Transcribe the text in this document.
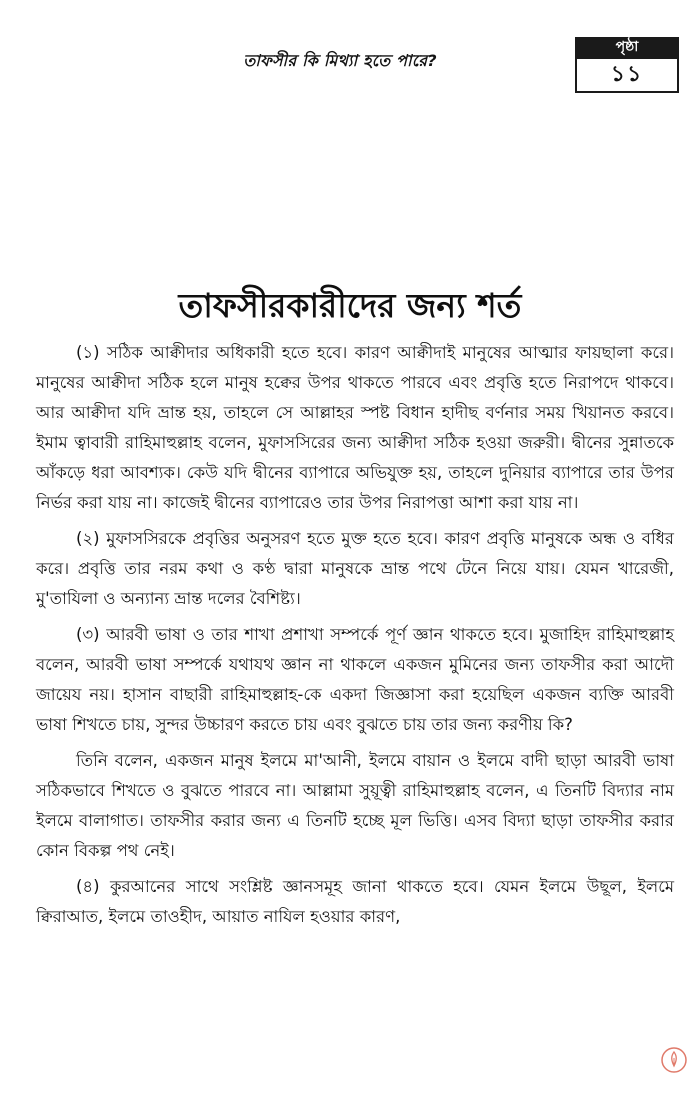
তাফসীর কি মিথ্যা হতে পারে?
পৃষ্ঠা
১১
তাফসীরকারীদের জন্য শর্ত

(১) সঠিক আক্বীদার অধিকারী হতে হবে। কারণ আক্বীদাই মানুষের আত্মার ফায়ছালা করে। মানুষের আক্বীদা সঠিক হলে মানুষ হক্বের উপর থাকতে পারবে এবং প্রবৃত্তি হতে নিরাপদে থাকবে। আর আক্বীদা যদি ভ্রান্ত হয়, তাহলে সে আল্লাহর স্পষ্ট বিধান হাদীছ বর্ণনার সময় খিয়ানত করবে। ইমাম ত্বাবারী রাহিমাহুল্লাহ বলেন, মুফাসসিরের জন্য আক্বীদা সঠিক হওয়া জরুরী। দ্বীনের সুন্নাতকে আঁকড়ে ধরা আবশ্যক। কেউ যদি দ্বীনের ব্যাপারে অভিযুক্ত হয়, তাহলে দুনিয়ার ব্যাপারে তার উপর নির্ভর করা যায় না। কাজেই দ্বীনের ব্যাপারেও তার উপর নিরাপত্তা আশা করা যায় না।

(২) মুফাসসিরকে প্রবৃত্তির অনুসরণ হতে মুক্ত হতে হবে। কারণ প্রবৃত্তি মানুষকে অন্ধ ও বধির করে। প্রবৃত্তি তার নরম কথা ও কণ্ঠ দ্বারা মানুষকে ভ্রান্ত পথে টেনে নিয়ে যায়। যেমন খারেজী, মু'তাযিলা ও অন্যান্য ভ্রান্ত দলের বৈশিষ্ট্য।

(৩) আরবী ভাষা ও তার শাখা প্রশাখা সম্পর্কে পূর্ণ জ্ঞান থাকতে হবে। মুজাহিদ রাহিমাহুল্লাহ বলেন, আরবী ভাষা সম্পর্কে যথাযথ জ্ঞান না থাকলে একজন মুমিনের জন্য তাফসীর করা আদৌ জায়েয নয়। হাসান বাছারী রাহিমাহুল্লাহ-কে একদা জিজ্ঞাসা করা হয়েছিল একজন ব্যক্তি আরবী ভাষা শিখতে চায়, সুন্দর উচ্চারণ করতে চায় এবং বুঝতে চায় তার জন্য করণীয় কি?

তিনি বলেন, একজন মানুষ ইলমে মা'আনী, ইলমে বায়ান ও ইলমে বাদী ছাড়া আরবী ভাষা সঠিকভাবে শিখতে ও বুঝতে পারবে না। আল্লামা সুয়ূত্বী রাহিমাহুল্লাহ বলেন, এ তিনটি বিদ্যার নাম ইলমে বালাগাত। তাফসীর করার জন্য এ তিনটি হচ্ছে মূল ভিত্তি। এসব বিদ্যা ছাড়া তাফসীর করার কোন বিকল্প পথ নেই।

(৪) কুরআনের সাথে সংশ্লিষ্ট জ্ঞানসমূহ জানা থাকতে হবে। যেমন ইলমে উছূল, ইলমে ক্বিরাআত, ইলমে তাওহীদ, আয়াত নাযিল হওয়ার কারণ,
